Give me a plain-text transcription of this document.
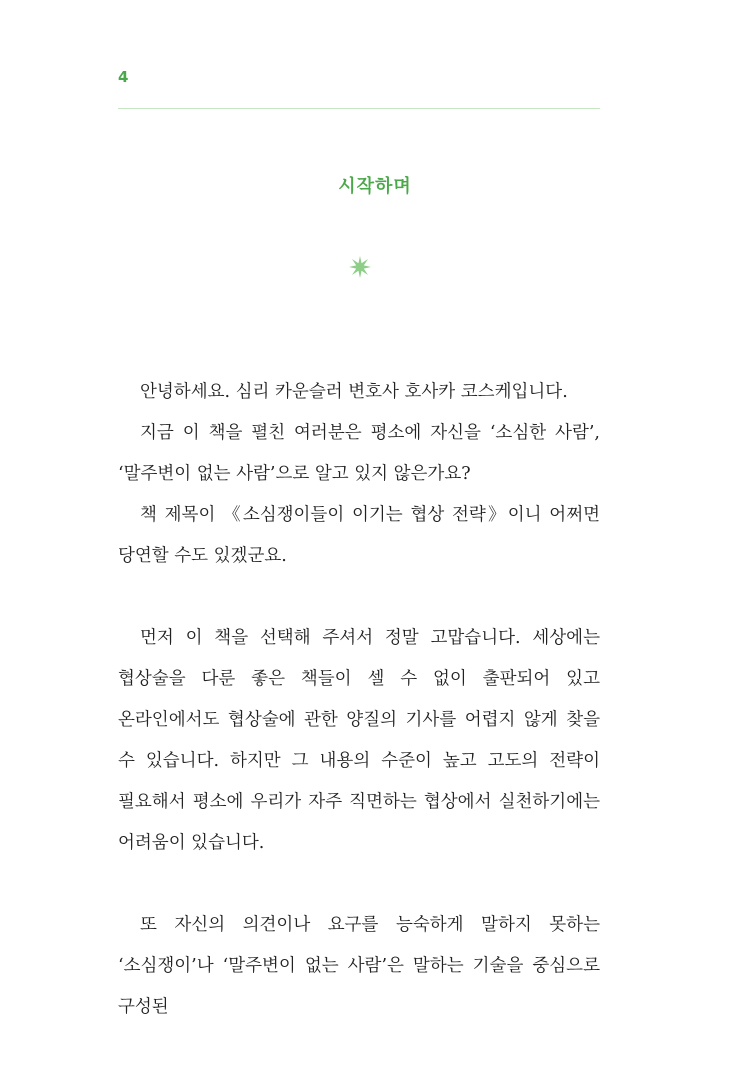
4
시작하며

안녕하세요. 심리 카운슬러 변호사 호사카 코스케입니다.

지금 이 책을 펼친 여러분은 평소에 자신을 ‘소심한 사람’, ‘말주변이 없는 사람’으로 알고 있지 않은가요?

책 제목이 《소심쟁이들이 이기는 협상 전략》이니 어쩌면 당연할 수도 있겠군요.

먼저 이 책을 선택해 주셔서 정말 고맙습니다. 세상에는 협상술을 다룬 좋은 책들이 셀 수 없이 출판되어 있고 온라인에서도 협상술에 관한 양질의 기사를 어렵지 않게 찾을 수 있습니다. 하지만 그 내용의 수준이 높고 고도의 전략이 필요해서 평소에 우리가 자주 직면하는 협상에서 실천하기에는 어려움이 있습니다.

또 자신의 의견이나 요구를 능숙하게 말하지 못하는 ‘소심쟁이’나 ‘말주변이 없는 사람’은 말하는 기술을 중심으로 구성된
